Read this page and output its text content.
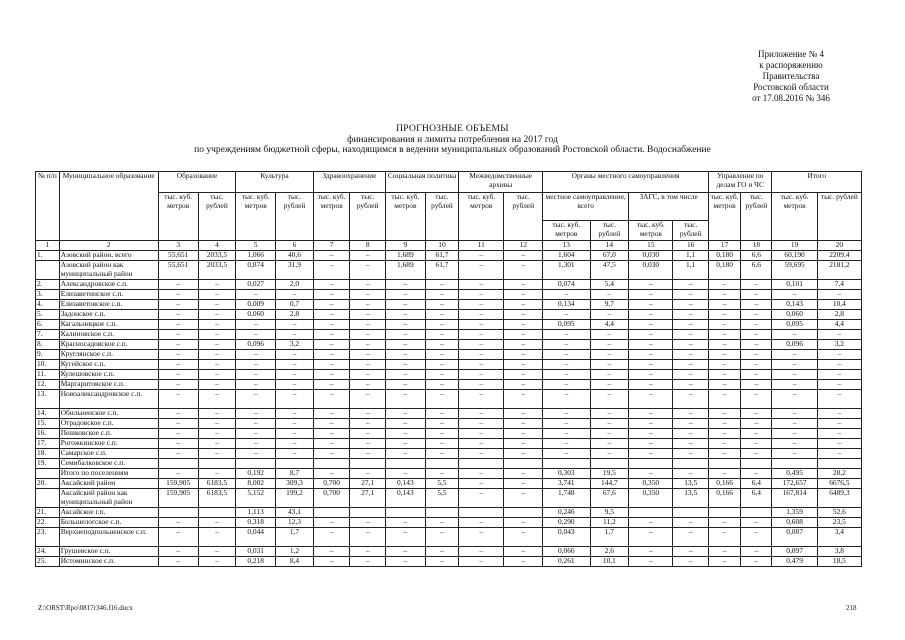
Приложение № 4
к распоряжению
Правительства
Ростовской области
от 17.08.2016 № 346
ПРОГНОЗНЫЕ ОБЪЕМЫ
финансирования и лимиты потребления на 2017 год
по учреждениям бюджетной сферы, находящимся в ведении муниципальных образований Ростовской области. Водоснабжение
№ п/п	Муниципальное образование	Образование		Культура		Здравоохранение		Социальная политика		Межведомственные архивы		Органы местного самоуправления				Управление по делам ГО и ЧС		Итого	
		тыс. куб. метров	тыс. рублей	тыс. куб. метров	тыс. рублей	тыс. куб. метров	тыс. рублей	тыс. куб. метров	тыс. рублей	тыс. куб. метров	тыс. рублей	местное самоуправление, всего		ЗАГС, в том числе		тыс. куб. метров	тыс. рублей	тыс. куб. метров	тыс. рублей
												тыс. куб. метров	тыс. рублей	тыс. куб. метров	тыс. рублей				
1	2	3	4	5	6	7	8	9	10	11	12	13	14	15	16	17	18	19	20
1.	Азовский район, всего	55,651	2033,5	1,066	40,6	–	–	1,689	61,7	–	–	1,604	67,0	0,030	1,1	0,180	6,6	60,190	2209,4
	Азовский район как муниципальный район	55,651	2033,5	0,874	31,9	–	–	1,689	61,7	–	–	1,301	47,5	0,030	1,1	0,180	6,6	59,695	2181,2
2.	Александровское с.п.	–	–	0,027	2,0	–	–	–	–	–	–	0,074	5,4	–	–	–	–	0,101	7,4
3.	Елизаветинское с.п.	–	–	–	–	–	–	–	–	–	–	–	–	–	–	–	–	–	–
4.	Елизаветовское с.п.	–	–	0,009	0,7	–	–	–	–	–	–	0,134	9,7	–	–	–	–	0,143	10,4
5.	Задонское с.п.	–	–	0,060	2,8	–	–	–	–	–	–	–	–	–	–	–	–	0,060	2,8
6.	Кагальницкое с.п.	–	–	–	–	–	–	–	–	–	–	0,095	4,4	–	–	–	–	0,095	4,4
7.	Калиновское с.п.	–	–	–	–	–	–	–	–	–	–	–	–	–	–	–	–	–	–
8.	Красносадовское с.п.	–	–	0,096	3,2	–	–	–	–	–	–	–	–	–	–	–	–	0,096	3,2
9.	Круглянское с.п.	–	–	–	–	–	–	–	–	–	–	–	–	–	–	–	–	–	–
10.	Кугейское с.п.	–	–	–	–	–	–	–	–	–	–	–	–	–	–	–	–	–	–
11.	Кулешовское с.п.	–	–	–	–	–	–	–	–	–	–	–	–	–	–	–	–	–	–
12.	Маргаритовское с.п.	–	–	–	–	–	–	–	–	–	–	–	–	–	–	–	–	–	–
13.	Новоалександровское с.п.	–	–	–	–	–	–	–	–	–	–	–	–	–	–	–	–	–	–
14.	Обильненское с.п.	–	–	–	–	–	–	–	–	–	–	–	–	–	–	–	–	–	–
15.	Отрадовское с.п.	–	–	–	–	–	–	–	–	–	–	–	–	–	–	–	–	–	–
16.	Пешковское с.п.	–	–	–	–	–	–	–	–	–	–	–	–	–	–	–	–	–	–
17.	Рогожкинское с.п.	–	–	–	–	–	–	–	–	–	–	–	–	–	–	–	–	–	–
18.	Самарское с.п.	–	–	–	–	–	–	–	–	–	–	–	–	–	–	–	–	–	–
19.	Семибалковское с.п.																		
	Итого по поселениям	–	–	0,192	8,7	–	–	–	–	–	–	0,303	19,5	–	–	–	–	0,495	28,2
20.	Аксайский район	159,905	6183,5	8,002	309,3	0,700	27,1	0,143	5,5	–	–	3,741	144,7	0,350	13,5	0,166	6,4	172,657	6676,5
	Аксайский район как муниципальный район	159,905	6183,5	5,152	199,2	0,700	27,1	0,143	5,5	–	–	1,748	67,6	0,350	13,5	0,166	6,4	167,814	6489,3
21.	Аксайское г.п.			1,113	43,1							0,246	9,5					1,359	52,6
22.	Большелогское с.п.	–	–	0,318	12,3	–	–	–	–	–	–	0,290	11,2	–	–	–	–	0,608	23,5
23.	Верхнеподпольненское с.п.	–	–	0,044	1,7	–	–	–	–	–	–	0,043	1,7	–	–	–	–	0,087	3,4
24.	Грушевское с.п.	–	–	0,031	1,2	–	–	–	–	–	–	0,066	2,6	–	–	–	–	0,097	3,8
25.	Истоминское с.п.	–	–	0,218	8,4	–	–	–	–	–	–	0,261	10,1	–	–	–	–	0,479	18,5
Z:\ORST\Rpo\0817r346.f16.docx	218
